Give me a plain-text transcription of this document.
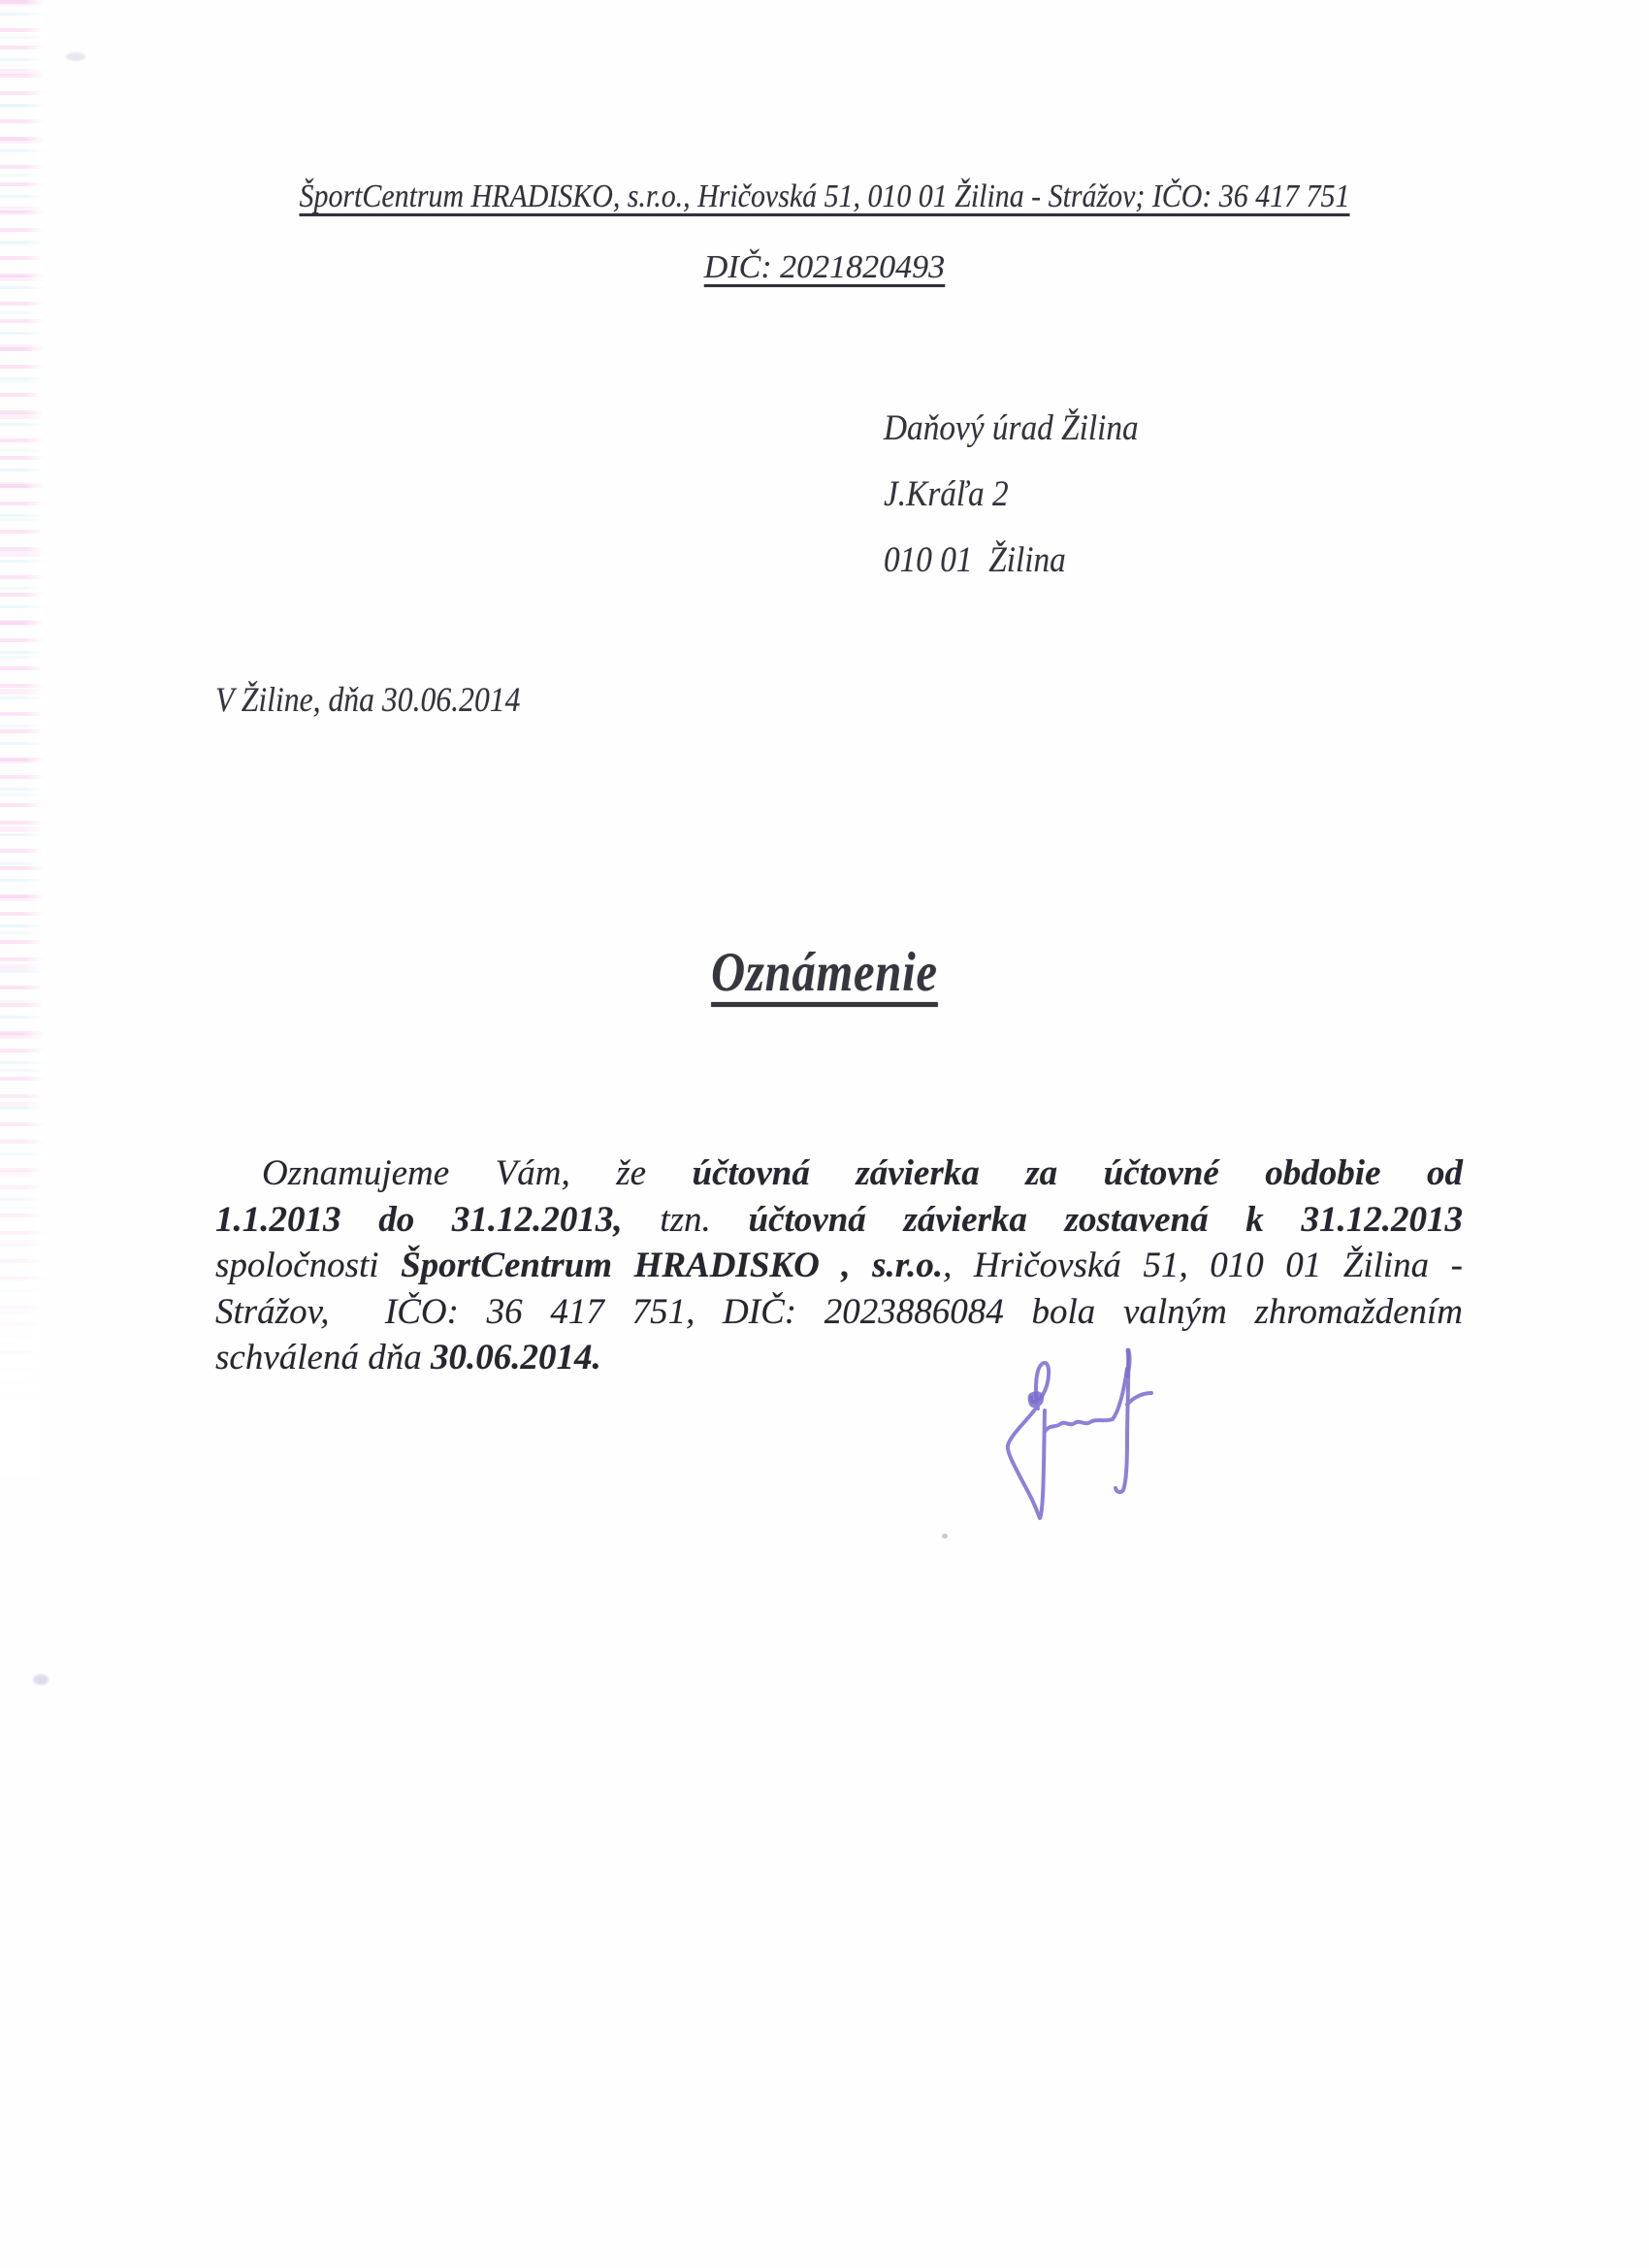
ŠportCentrum HRADISKO, s.r.o., Hričovská 51, 010 01 Žilina - Strážov; IČO: 36 417 751
DIČ: 2021820493
Daňový úrad Žilina
J.Kráľa 2
010 01  Žilina
V Žiline, dňa 30.06.2014
Oznámenie
Oznamujeme Vám, že účtovná závierka za účtovné obdobie od
1.1.2013 do 31.12.2013, tzn. účtovná závierka zostavená k 31.12.2013
spoločnosti ŠportCentrum HRADISKO , s.r.o., Hričovská 51, 010 01 Žilina -
Strážov,  IČO: 36 417 751, DIČ: 2023886084 bola valným zhromaždením
schválená dňa 30.06.2014.
